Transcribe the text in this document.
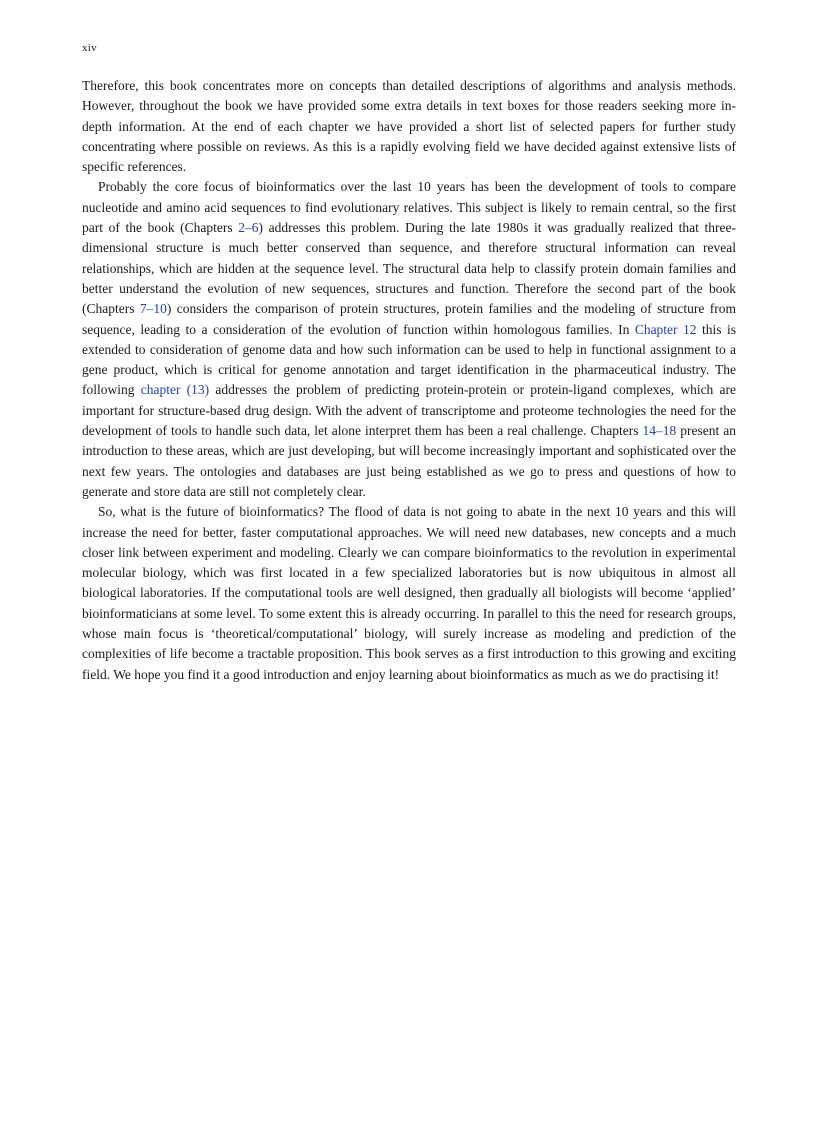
xiv

Therefore, this book concentrates more on concepts than detailed descriptions of algorithms and analysis methods. However, throughout the book we have provided some extra details in text boxes for those readers seeking more in-depth information. At the end of each chapter we have provided a short list of selected papers for further study concentrating where possible on reviews. As this is a rapidly evolving field we have decided against extensive lists of specific references.

Probably the core focus of bioinformatics over the last 10 years has been the development of tools to compare nucleotide and amino acid sequences to find evolutionary relatives. This subject is likely to remain central, so the first part of the book (Chapters 2–6) addresses this problem. During the late 1980s it was gradually realized that three-dimensional structure is much better conserved than sequence, and therefore structural information can reveal relationships, which are hidden at the sequence level. The structural data help to classify protein domain families and better understand the evolution of new sequences, structures and function. Therefore the second part of the book (Chapters 7–10) considers the comparison of protein structures, protein families and the modeling of structure from sequence, leading to a consideration of the evolution of function within homologous families. In Chapter 12 this is extended to consideration of genome data and how such information can be used to help in functional assignment to a gene product, which is critical for genome annotation and target identification in the pharmaceutical industry. The following chapter (13) addresses the problem of predicting protein-protein or protein-ligand complexes, which are important for structure-based drug design. With the advent of transcriptome and proteome technologies the need for the development of tools to handle such data, let alone interpret them has been a real challenge. Chapters 14–18 present an introduction to these areas, which are just developing, but will become increasingly important and sophisticated over the next few years. The ontologies and databases are just being established as we go to press and questions of how to generate and store data are still not completely clear.

So, what is the future of bioinformatics? The flood of data is not going to abate in the next 10 years and this will increase the need for better, faster computational approaches. We will need new databases, new concepts and a much closer link between experiment and modeling. Clearly we can compare bioinformatics to the revolution in experimental molecular biology, which was first located in a few specialized laboratories but is now ubiquitous in almost all biological laboratories. If the computational tools are well designed, then gradually all biologists will become ‘applied’ bioinformaticians at some level. To some extent this is already occurring. In parallel to this the need for research groups, whose main focus is ‘theoretical/computational’ biology, will surely increase as modeling and prediction of the complexities of life become a tractable proposition. This book serves as a first introduction to this growing and exciting field. We hope you find it a good introduction and enjoy learning about bioinformatics as much as we do practising it!
